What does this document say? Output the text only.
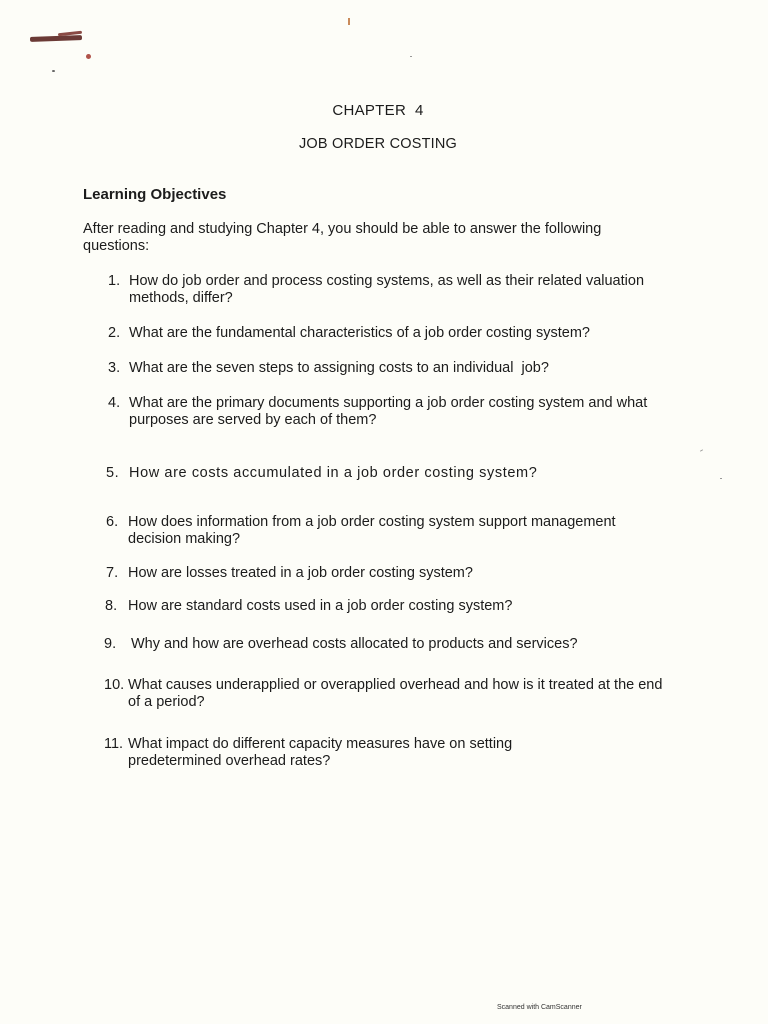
CHAPTER  4
JOB ORDER COSTING
Learning Objectives
After reading and studying Chapter 4, you should be able to answer the following questions:
1. How do job order and process costing systems, as well as their related valuation methods, differ?
2. What are the fundamental characteristics of a job order costing system?
3. What are the seven steps to assigning costs to an individual  job?
4. What are the primary documents supporting a job order costing system and what purposes are served by each of them?
5. How are costs accumulated in a job order costing system?
6. How does information from a job order costing system support management decision making?
7. How are losses treated in a job order costing system?
8. How are standard costs used in a job order costing system?
9.	Why and how are overhead costs allocated to products and services?
10. What causes underapplied or overapplied overhead and how is it treated at the end of a period?
11. What impact do different capacity measures have on setting predetermined overhead rates?
Scanned with CamScanner
